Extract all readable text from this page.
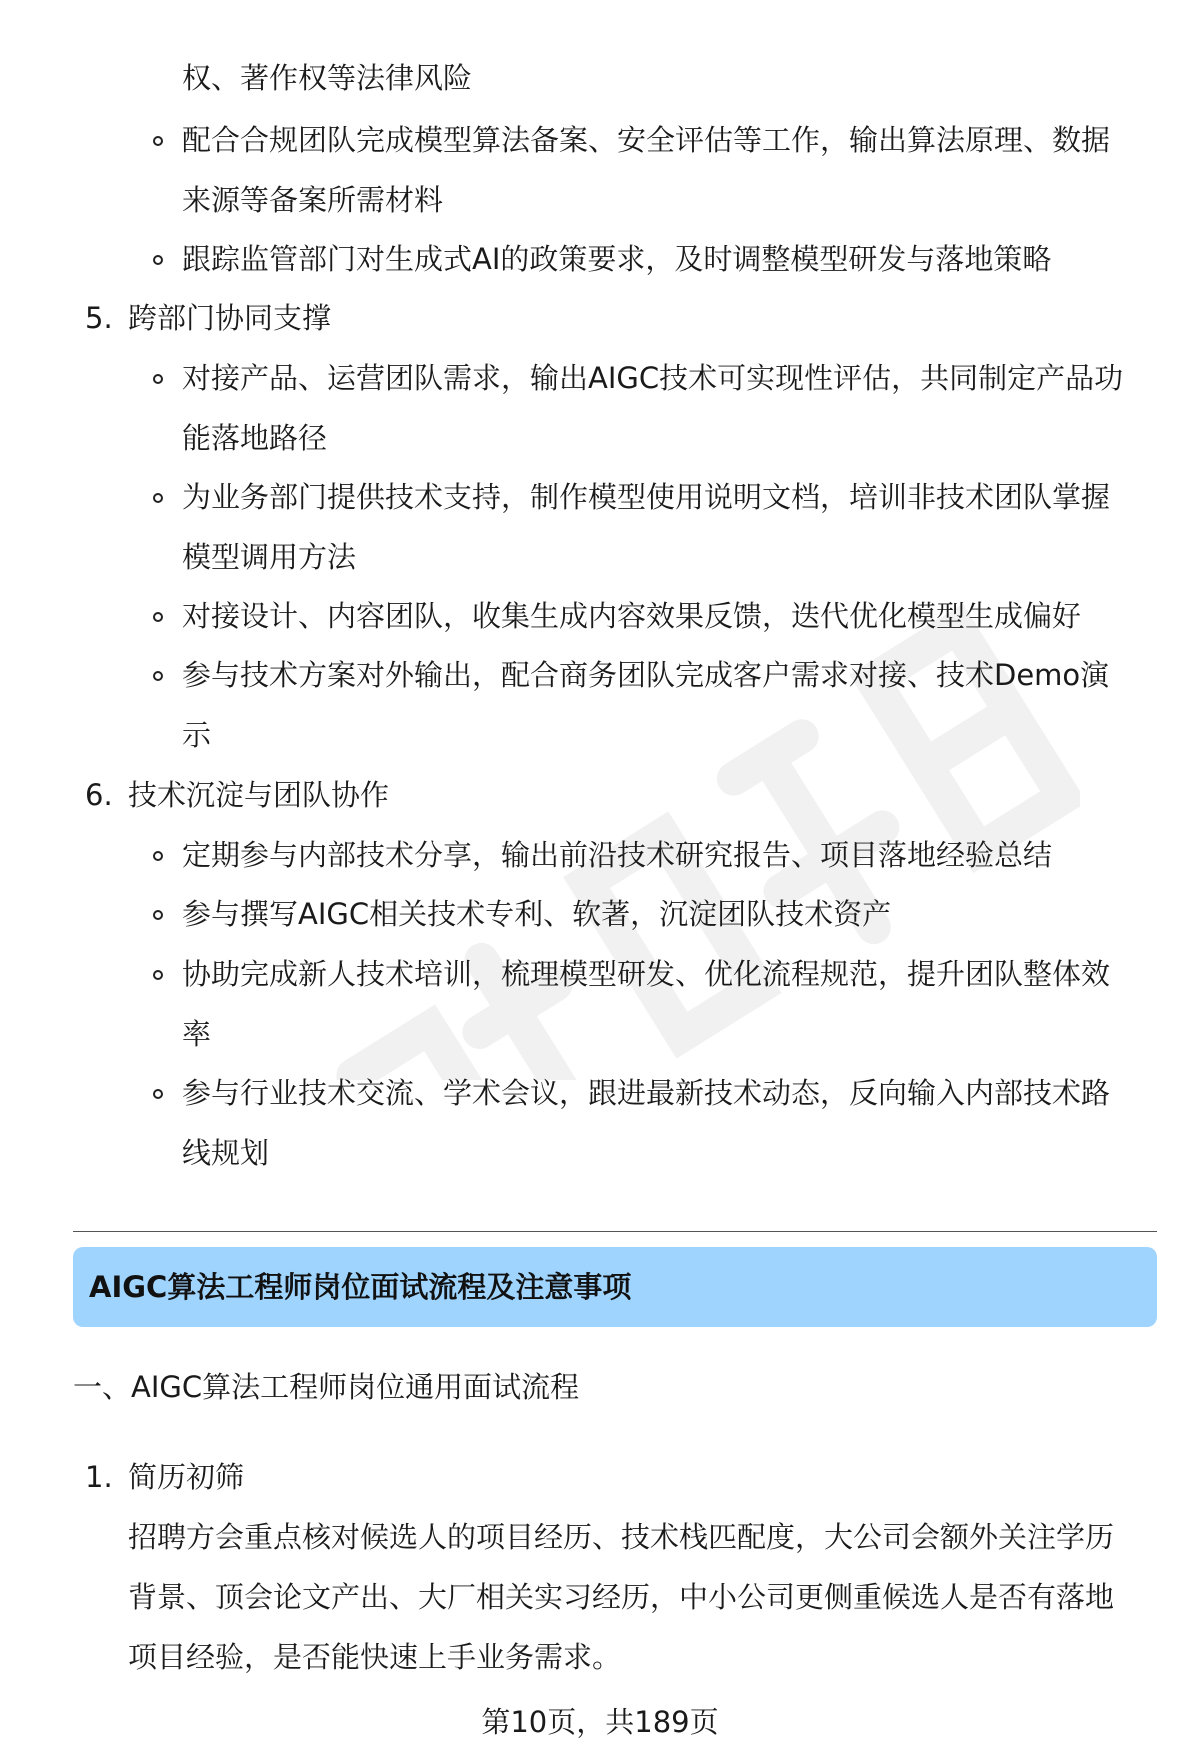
权、著作权等法律风险
配合合规团队完成模型算法备案、安全评估等工作，输出算法原理、数据
来源等备案所需材料
跟踪监管部门对生成式AI的政策要求，及时调整模型研发与落地策略
5. 跨部门协同支撑
对接产品、运营团队需求，输出AIGC技术可实现性评估，共同制定产品功
能落地路径
为业务部门提供技术支持，制作模型使用说明文档，培训非技术团队掌握
模型调用方法
对接设计、内容团队，收集生成内容效果反馈，迭代优化模型生成偏好
参与技术方案对外输出，配合商务团队完成客户需求对接、技术Demo演
示
6. 技术沉淀与团队协作
定期参与内部技术分享，输出前沿技术研究报告、项目落地经验总结
参与撰写AIGC相关技术专利、软著，沉淀团队技术资产
协助完成新人技术培训，梳理模型研发、优化流程规范，提升团队整体效
率
参与行业技术交流、学术会议，跟进最新技术动态，反向输入内部技术路
线规划
AIGC算法工程师岗位面试流程及注意事项
一、AIGC算法工程师岗位通用面试流程
1. 简历初筛
招聘方会重点核对候选人的项目经历、技术栈匹配度，大公司会额外关注学历
背景、顶会论文产出、大厂相关实习经历，中小公司更侧重候选人是否有落地
项目经验，是否能快速上手业务需求。
第10页，共189页
